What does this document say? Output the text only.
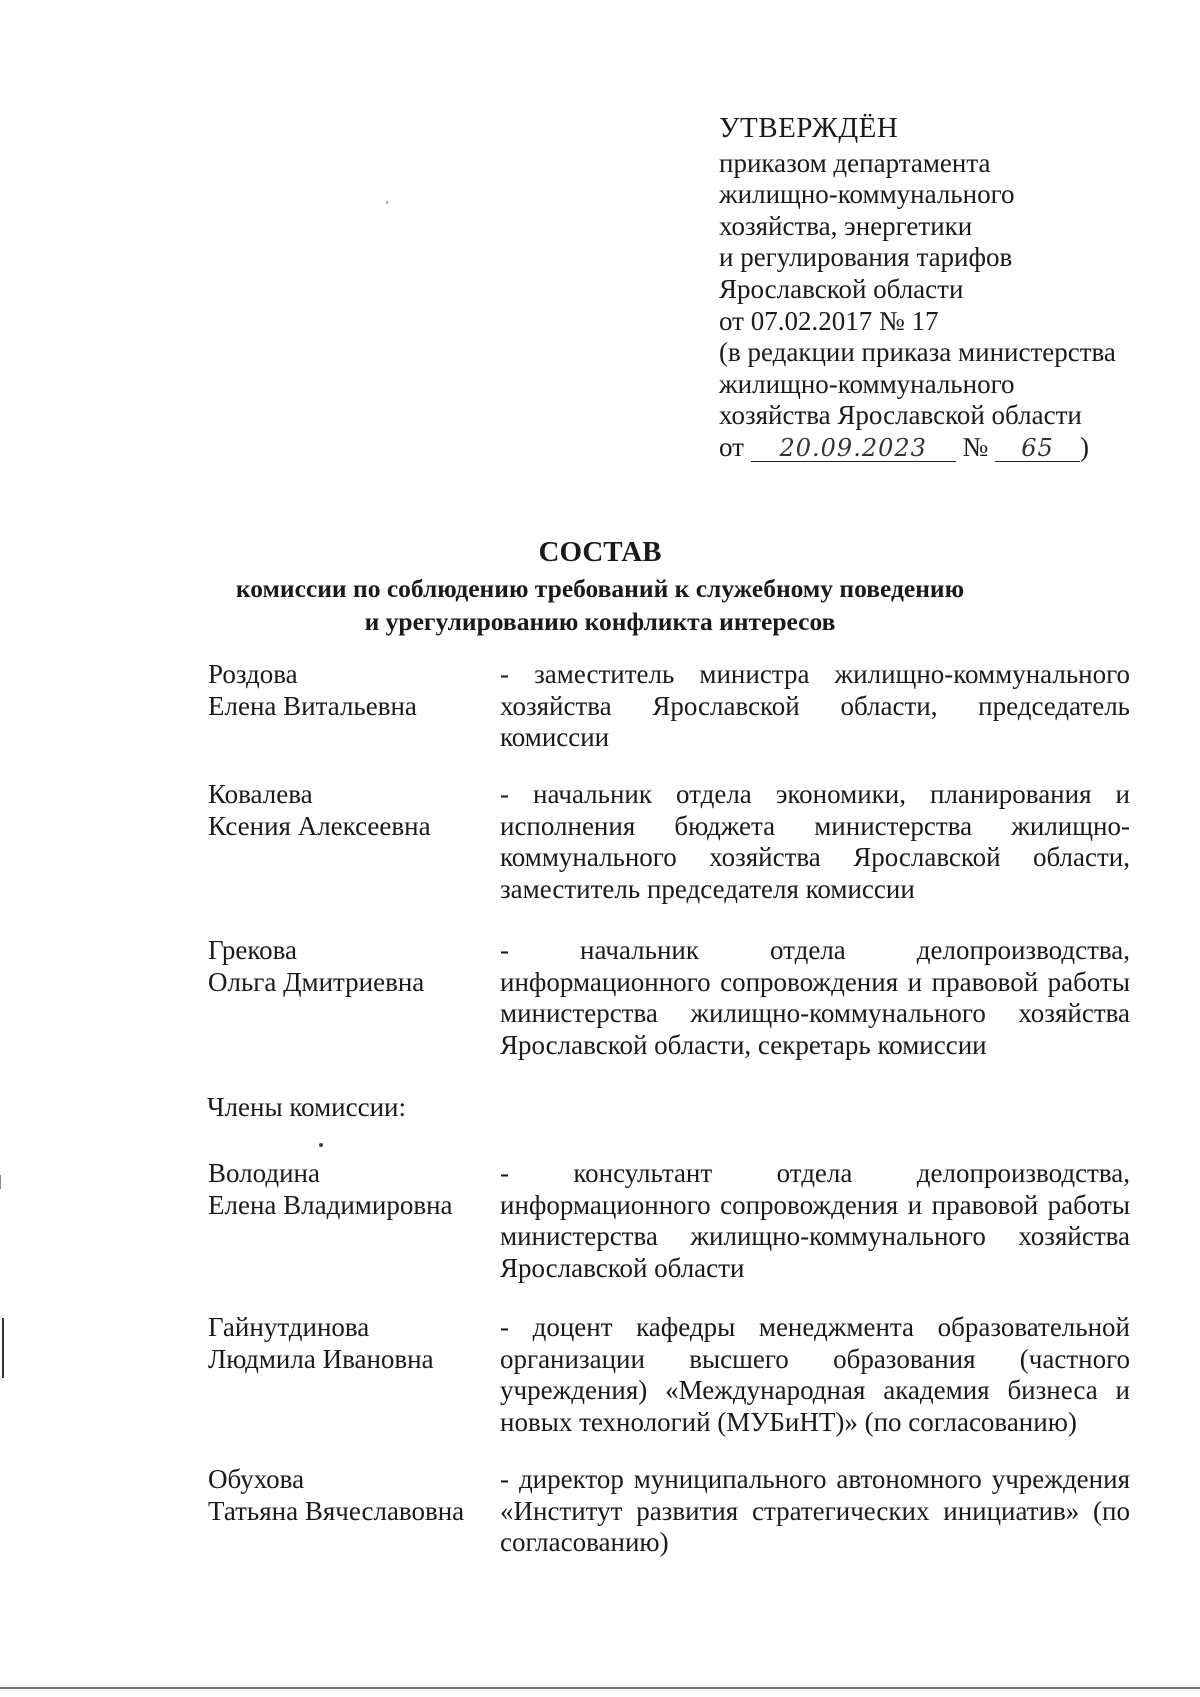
УТВЕРЖДЁН
приказом департамента
жилищно-коммунального
хозяйства, энергетики
и регулирования тарифов
Ярославской области
от 07.02.2017 № 17
(в редакции приказа министерства
жилищно-коммунального
хозяйства Ярославской области
от 20.09.2023 № 65 )
СОСТАВ
комиссии по соблюдению требований к служебному поведению
и урегулированию конфликта интересов
Роздова
Елена Витальевна
- заместитель министра жилищно-коммунального хозяйства Ярославской области, председатель комиссии
Ковалева
Ксения Алексеевна
- начальник отдела экономики, планирования и исполнения бюджета министерства жилищно-коммунального хозяйства Ярославской области, заместитель председателя комиссии
Грекова
Ольга Дмитриевна
- начальник отдела делопроизводства, информационного сопровождения и правовой работы министерства жилищно-коммунального хозяйства Ярославской области, секретарь комиссии
Члены комиссии:
Володина
Елена Владимировна
- консультант отдела делопроизводства, информационного сопровождения и правовой работы министерства жилищно-коммунального хозяйства Ярославской области
Гайнутдинова
Людмила Ивановна
- доцент кафедры менеджмента образовательной организации высшего образования (частного учреждения) «Международная академия бизнеса и новых технологий (МУБиНТ)» (по согласованию)
Обухова
Татьяна Вячеславовна
- директор муниципального автономного учреждения «Институт развития стратегических инициатив» (по согласованию)
